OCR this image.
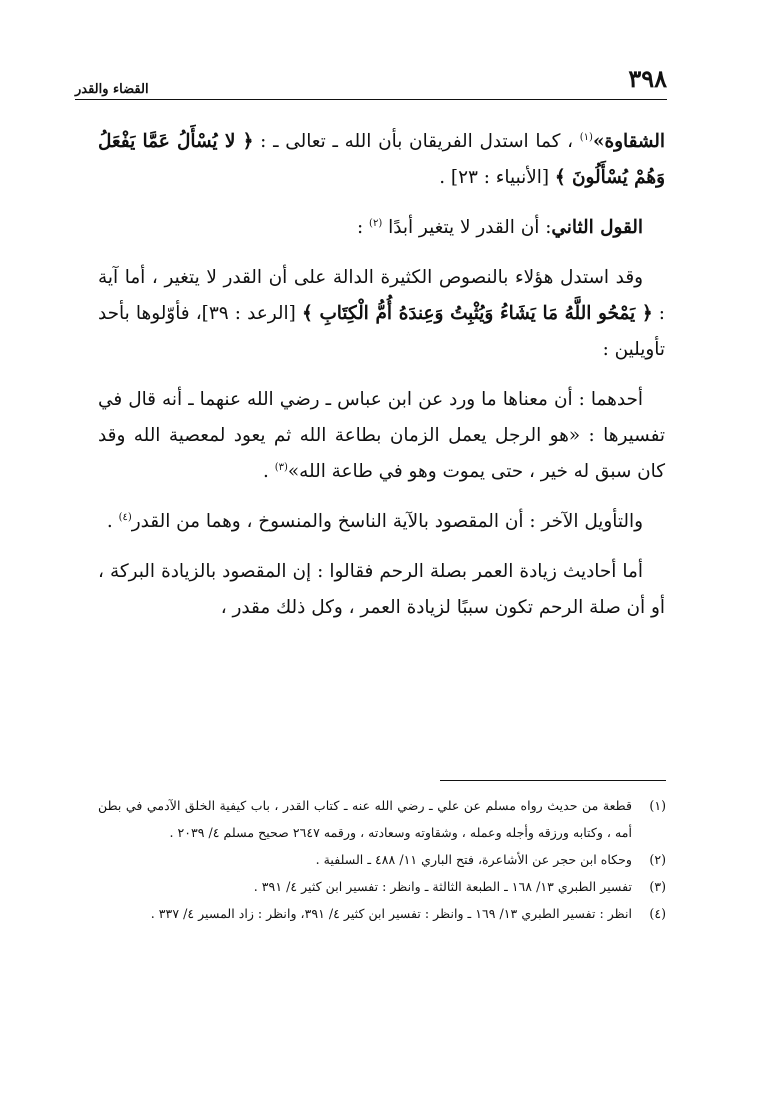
٣٩٨
القضاء والقدر

الشقاوة»$^{(١)}$ ، كما استدل الفريقان بأن الله ـ تعالى ـ : ﴿ لا يُسْأَلُ عَمَّا يَفْعَلُ وَهُمْ يُسْأَلُونَ ﴾ [الأنبياء : ٢٣] .

القول الثاني: أن القدر لا يتغير أبدًا $^{(٢)}$ :

وقد استدل هؤلاء بالنصوص الكثيرة الدالة على أن القدر لا يتغير ، أما آية : ﴿ يَمْحُو اللَّهُ مَا يَشَاءُ وَيُثْبِتُ وَعِندَهُ أُمُّ الْكِتَابِ ﴾ [الرعد : ٣٩]، فأوّلوها بأحد تأويلين :

أحدهما : أن معناها ما ورد عن ابن عباس ـ رضي الله عنهما ـ أنه قال في تفسيرها : «هو الرجل يعمل الزمان بطاعة الله ثم يعود لمعصية الله وقد كان سبق له خير ، حتى يموت وهو في طاعة الله»$^{(٣)}$ .

والتأويل الآخر : أن المقصود بالآية الناسخ والمنسوخ ، وهما من القدر$^{(٤)}$ .

أما أحاديث زيادة العمر بصلة الرحم فقالوا : إن المقصود بالزيادة البركة ، أو أن صلة الرحم تكون سببًا لزيادة العمر ، وكل ذلك مقدر ،

(١)
قطعة من حديث رواه مسلم عن علي ـ رضي الله عنه ـ كتاب القدر ، باب كيفية الخلق الآدمي في بطن أمه ، وكتابه ورزقه وأجله وعمله ، وشقاوته وسعادته ، ورقمه ٢٦٤٧ صحيح مسلم ٤/ ٢٠٣٩ .
(٢)
وحكاه ابن حجر عن الأشاعرة، فتح الباري ١١/ ٤٨٨ ـ السلفية .
(٣)
تفسير الطبري ١٣/ ١٦٨ ـ الطبعة الثالثة ـ وانظر : تفسير ابن كثير ٤/ ٣٩١ .
(٤)
انظر : تفسير الطبري ١٣/ ١٦٩ ـ وانظر : تفسير ابن كثير ٤/ ٣٩١، وانظر : زاد المسير ٤/ ٣٣٧ .
